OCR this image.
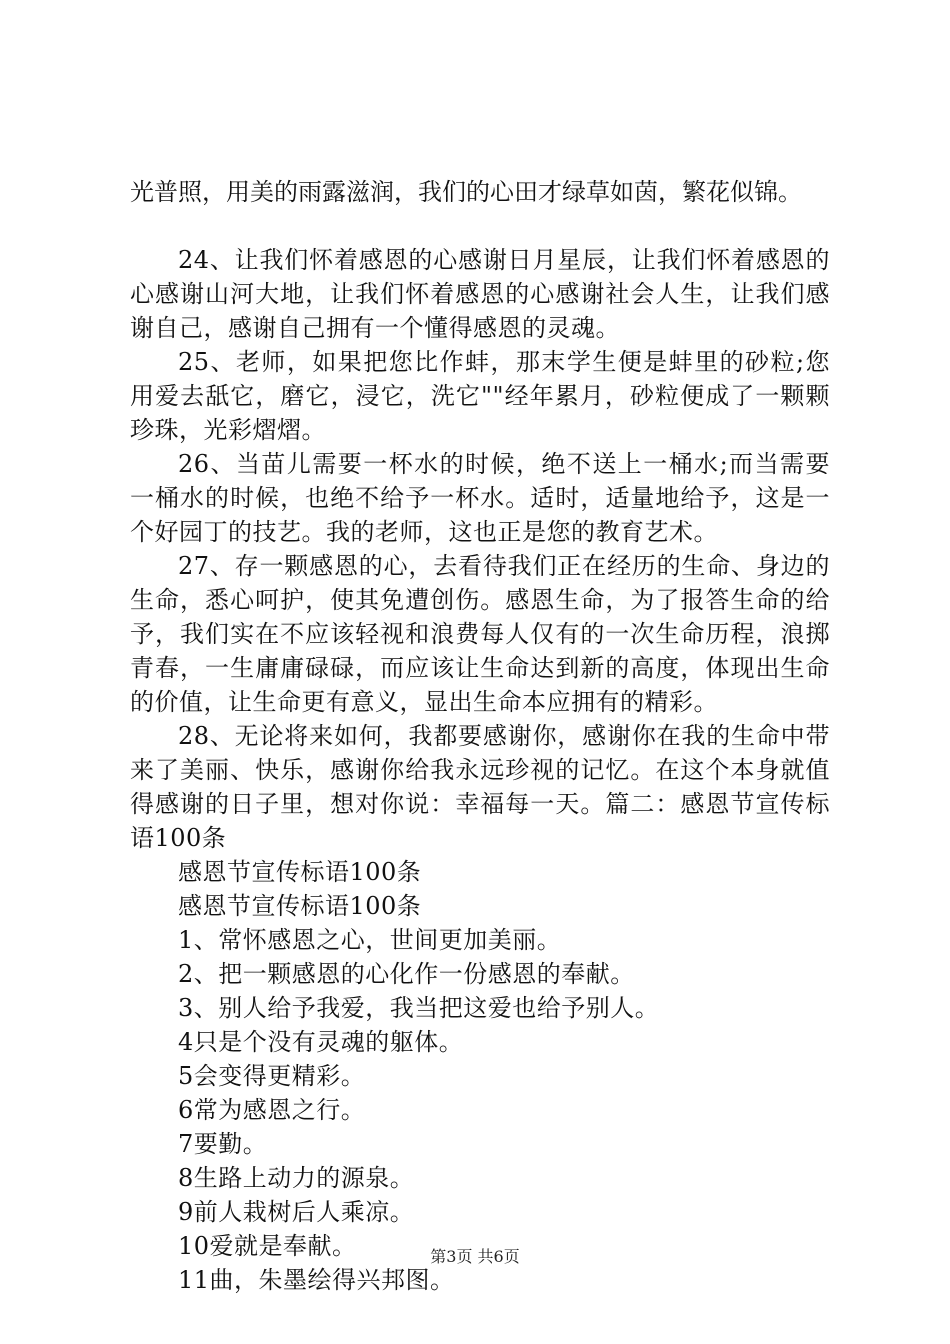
光普照，用美的雨露滋润，我们的心田才绿草如茵，繁花似锦。

24、让我们怀着感恩的心感谢日月星辰，让我们怀着感恩的心感谢山河大地，让我们怀着感恩的心感谢社会人生，让我们感谢自己，感谢自己拥有一个懂得感恩的灵魂。

25、老师，如果把您比作蚌，那末学生便是蚌里的砂粒;您用爱去舐它，磨它，浸它，洗它""经年累月，砂粒便成了一颗颗珍珠，光彩熠熠。

26、当苗儿需要一杯水的时候，绝不送上一桶水;而当需要一桶水的时候，也绝不给予一杯水。适时，适量地给予，这是一个好园丁的技艺。我的老师，这也正是您的教育艺术。

27、存一颗感恩的心，去看待我们正在经历的生命、身边的生命，悉心呵护，使其免遭创伤。感恩生命，为了报答生命的给予，我们实在不应该轻视和浪费每人仅有的一次生命历程，浪掷青春，一生庸庸碌碌，而应该让生命达到新的高度，体现出生命的价值，让生命更有意义，显出生命本应拥有的精彩。

28、无论将来如何，我都要感谢你，感谢你在我的生命中带来了美丽、快乐，感谢你给我永远珍视的记忆。在这个本身就值得感谢的日子里，想对你说：幸福每一天。篇二：感恩节宣传标语100条

感恩节宣传标语100条

感恩节宣传标语100条

1、常怀感恩之心，世间更加美丽。

2、把一颗感恩的心化作一份感恩的奉献。

3、别人给予我爱，我当把这爱也给予别人。

4只是个没有灵魂的躯体。

5会变得更精彩。

6常为感恩之行。

7要勤。

8生路上动力的源泉。

9前人栽树后人乘凉。

10爱就是奉献。

11曲，朱墨绘得兴邦图。

第3页 共6页
